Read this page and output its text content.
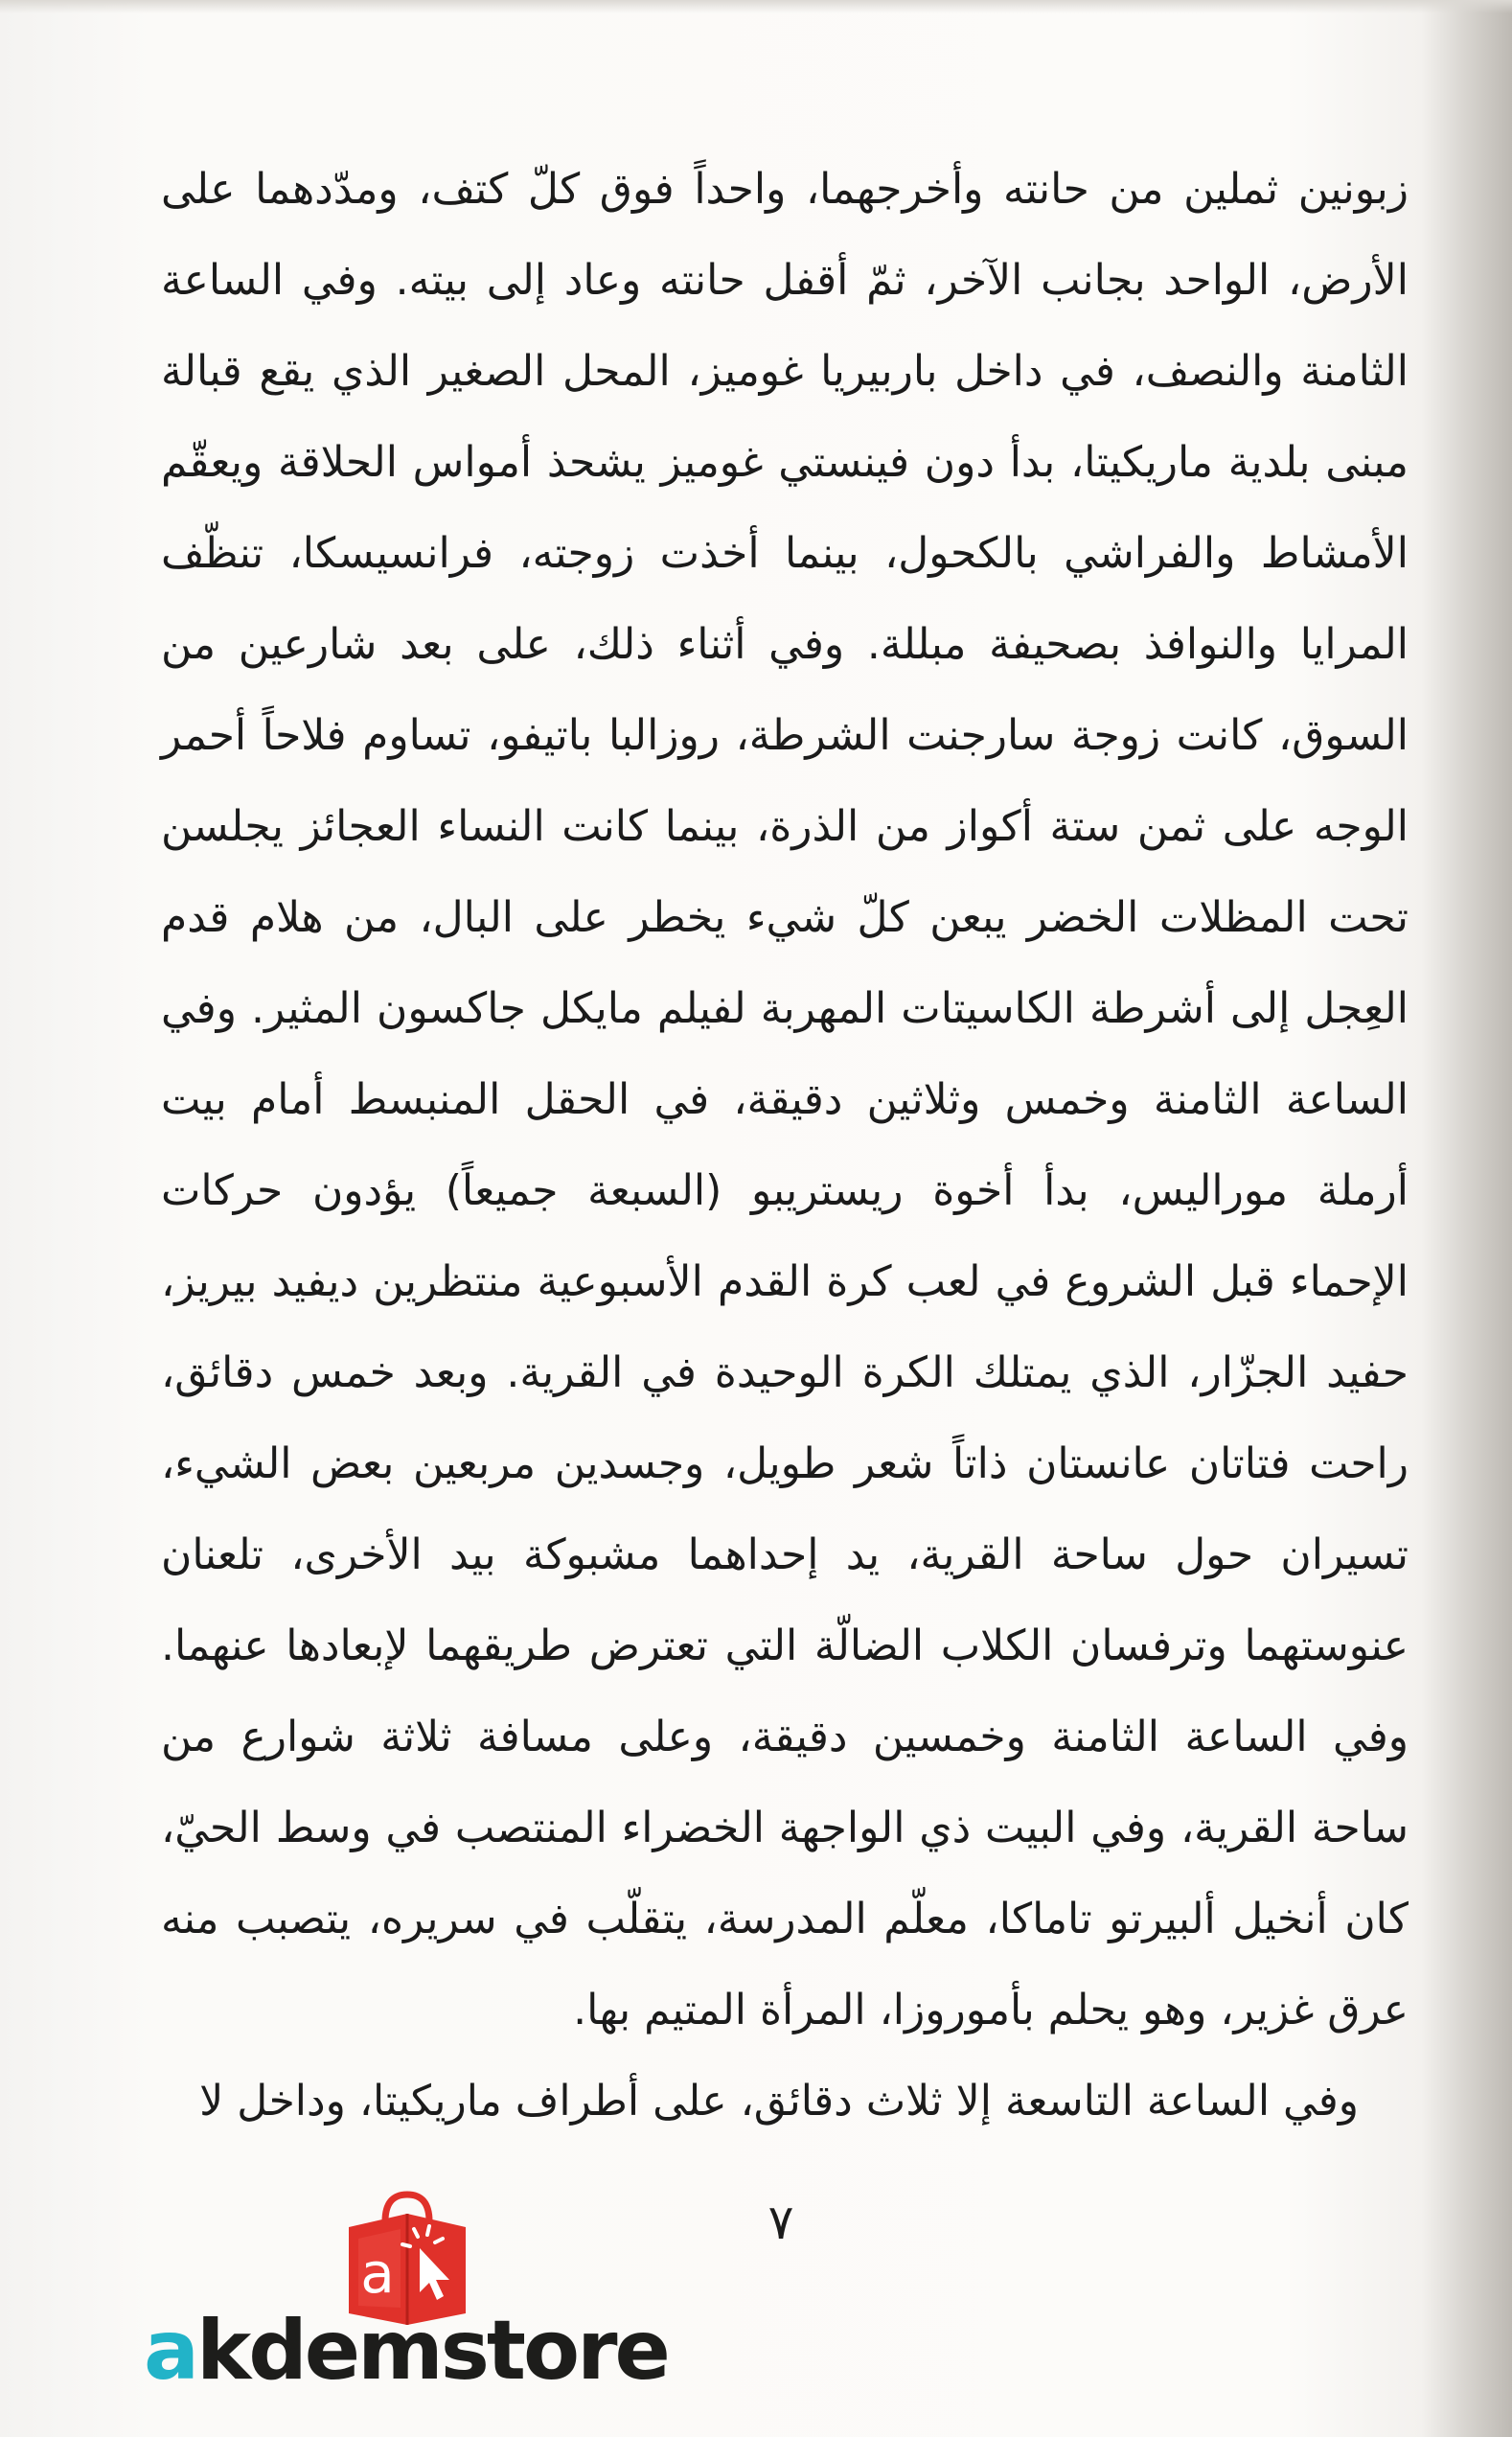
زبونين ثملين من حانته وأخرجهما، واحداً فوق كلّ كتف، ومدّدهما على الأرض، الواحد بجانب الآخر، ثمّ أقفل حانته وعاد إلى بيته. وفي الساعة الثامنة والنصف، في داخل باربيريا غوميز، المحل الصغير الذي يقع قبالة مبنى بلدية ماريكيتا، بدأ دون فينستي غوميز يشحذ أمواس الحلاقة ويعقّم الأمشاط والفراشي بالكحول، بينما أخذت زوجته، فرانسيسكا، تنظّف المرايا والنوافذ بصحيفة مبللة. وفي أثناء ذلك، على بعد شارعين من السوق، كانت زوجة سارجنت الشرطة، روزالبا باتيفو، تساوم فلاحاً أحمر الوجه على ثمن ستة أكواز من الذرة، بينما كانت النساء العجائز يجلسن تحت المظلات الخضر يبعن كلّ شيء يخطر على البال، من هلام قدم العِجل إلى أشرطة الكاسيتات المهربة لفيلم مايكل جاكسون المثير. وفي الساعة الثامنة وخمس وثلاثين دقيقة، في الحقل المنبسط أمام بيت أرملة موراليس، بدأ أخوة ريستريبو (السبعة جميعاً) يؤدون حركات الإحماء قبل الشروع في لعب كرة القدم الأسبوعية منتظرين ديفيد بيريز، حفيد الجزّار، الذي يمتلك الكرة الوحيدة في القرية. وبعد خمس دقائق، راحت فتاتان عانستان ذاتاً شعر طويل، وجسدين مربعين بعض الشيء، تسيران حول ساحة القرية، يد إحداهما مشبوكة بيد الأخرى، تلعنان عنوستهما وترفسان الكلاب الضالّة التي تعترض طريقهما لإبعادها عنهما. وفي الساعة الثامنة وخمسين دقيقة، وعلى مسافة ثلاثة شوارع من ساحة القرية، وفي البيت ذي الواجهة الخضراء المنتصب في وسط الحيّ، كان أنخيل ألبيرتو تاماكا، معلّم المدرسة، يتقلّب في سريره، يتصبب منه عرق غزير، وهو يحلم بأموروزا، المرأة المتيم بها.

وفي الساعة التاسعة إلا ثلاث دقائق، على أطراف ماريكيتا، وداخل لا

٧
a
akdemstore
